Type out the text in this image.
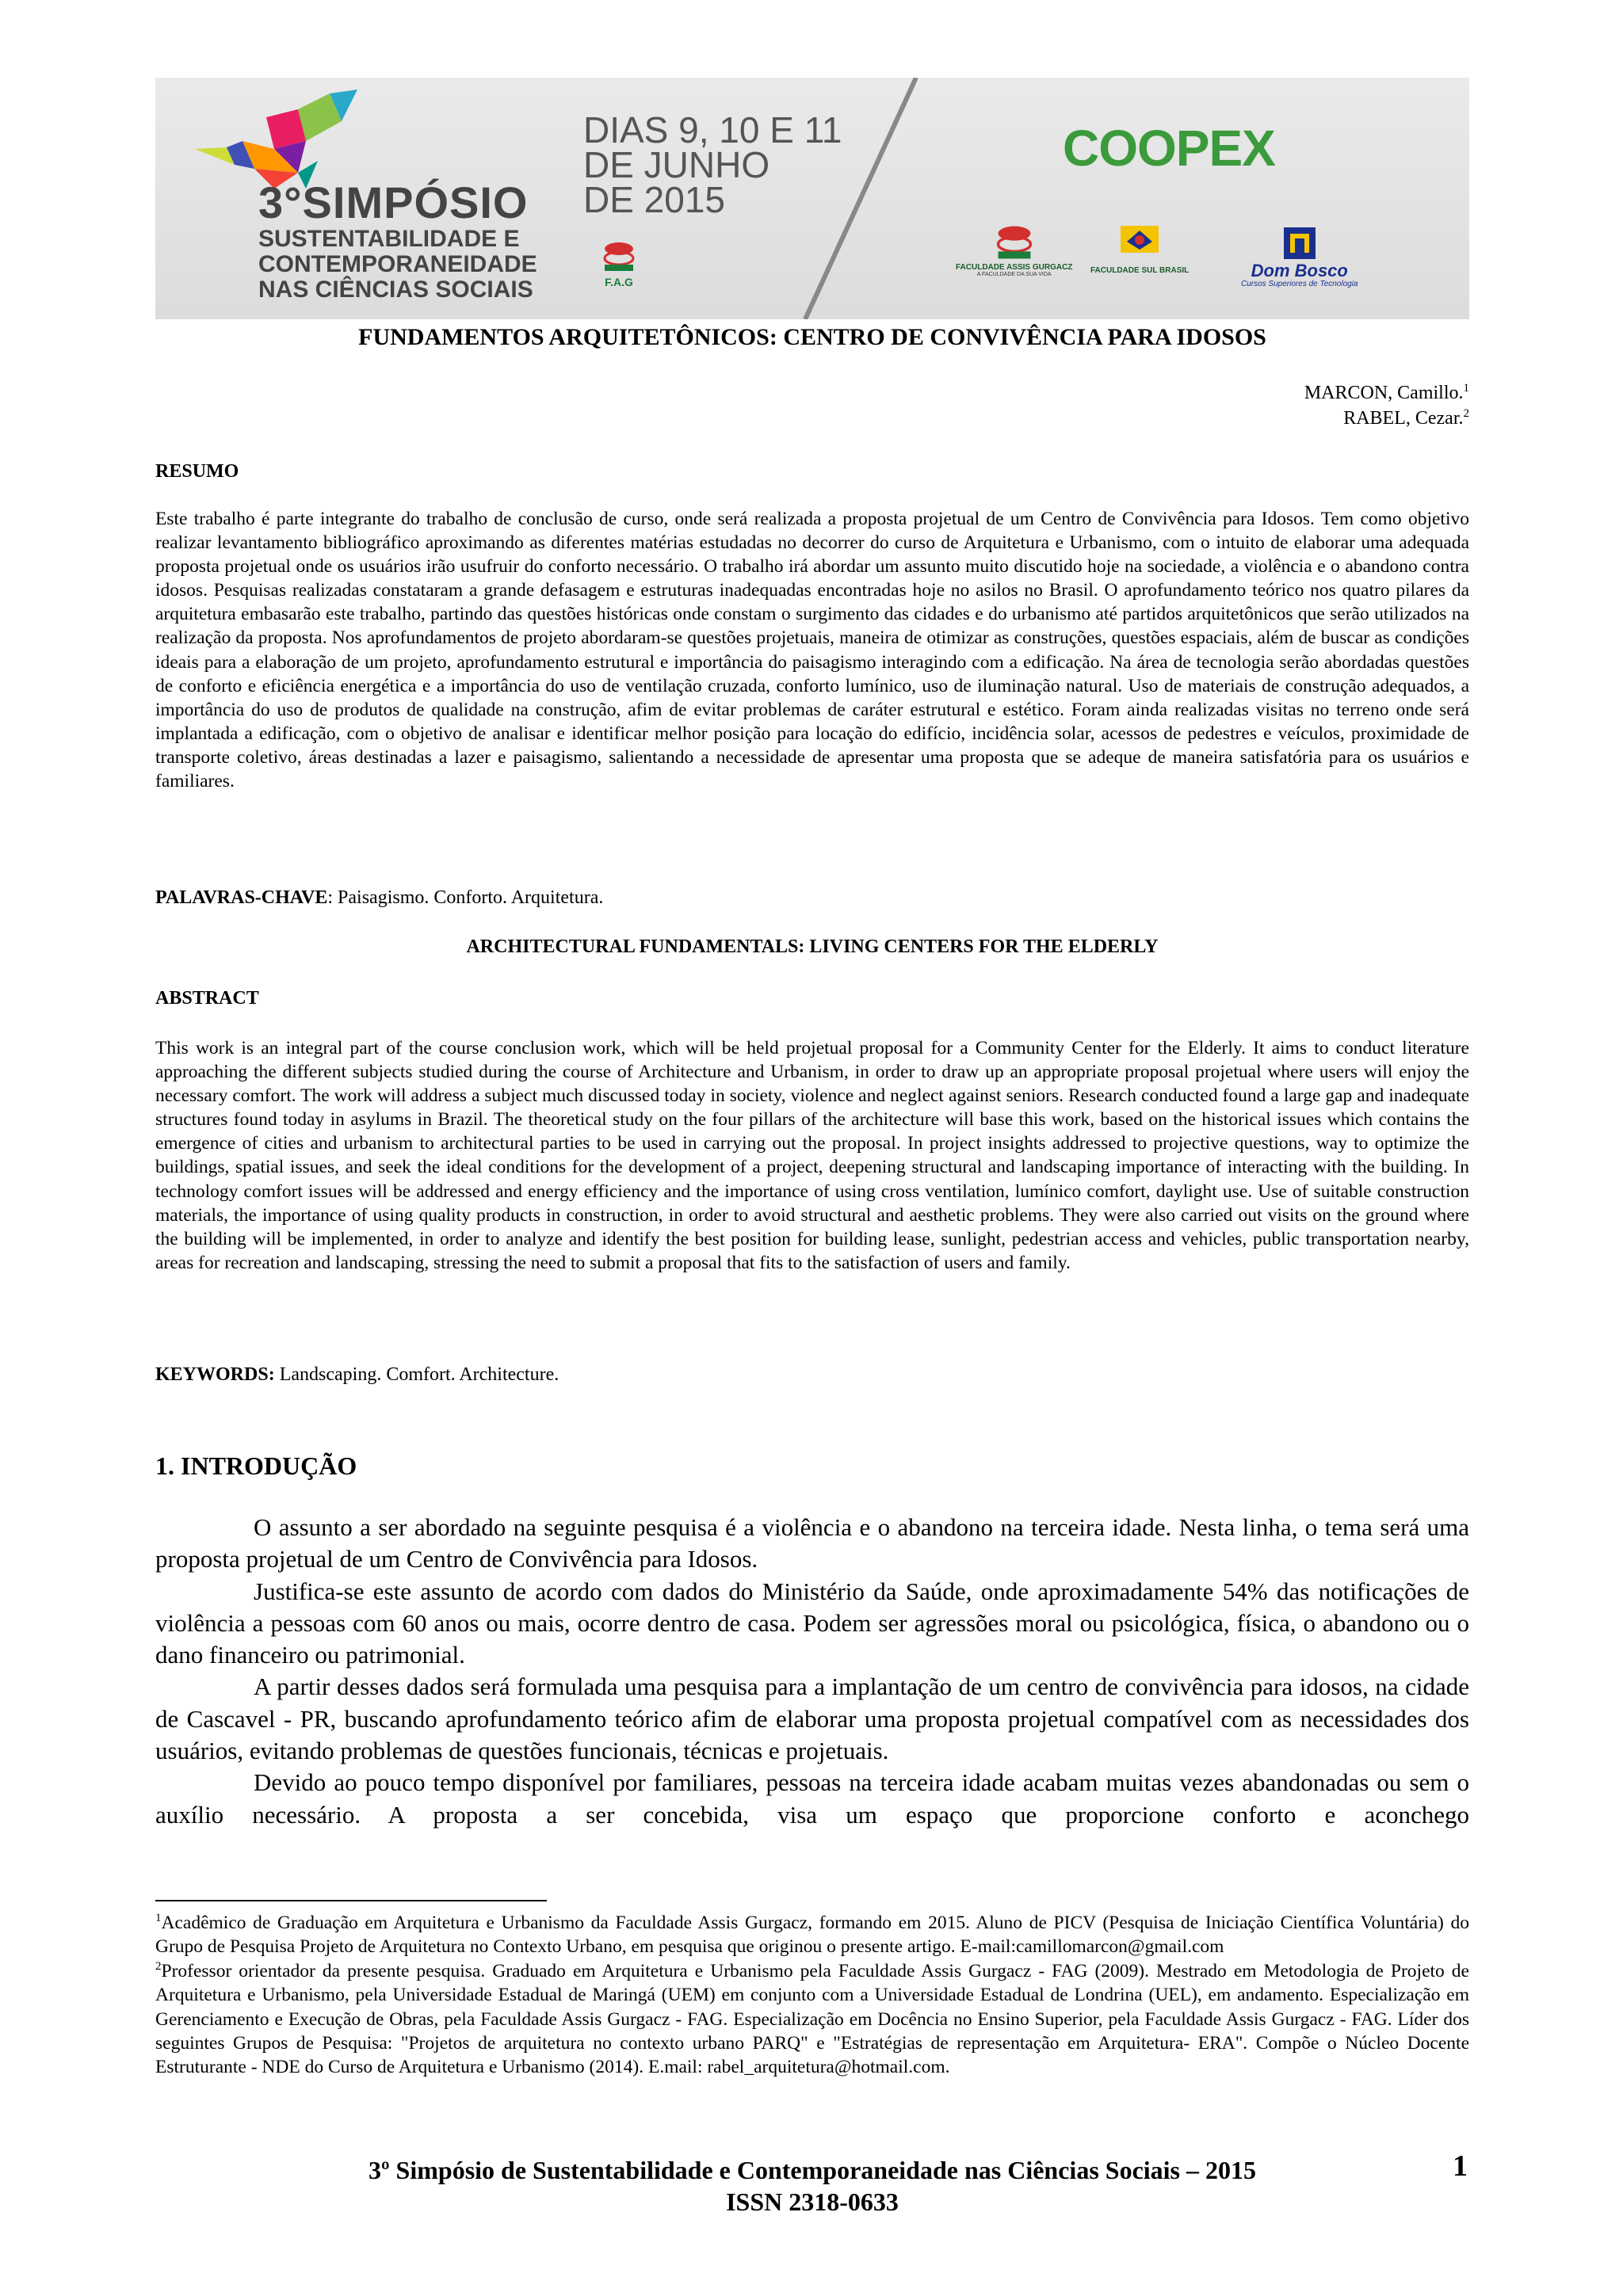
3°SIMPÓSIO
SUSTENTABILIDADE E
CONTEMPORANEIDADE
NAS CIÊNCIAS SOCIAIS
DIAS 9, 10 E 11
DE JUNHO
DE 2015
F.A.G
COOPEX
FACULDADE ASSIS GURGACZ
A FACULDADE DA SUA VIDA	FACULDADE SUL BRASIL	Dom Bosco
Cursos Superiores de Tecnologia
FUNDAMENTOS ARQUITETÔNICOS: CENTRO DE CONVIVÊNCIA PARA IDOSOS
MARCON, Camillo.$^1$
RABEL, Cezar.$^2$
RESUMO
Este trabalho é parte integrante do trabalho de conclusão de curso, onde será realizada a proposta projetual de um Centro de Convivência para Idosos. Tem como objetivo realizar levantamento bibliográfico aproximando as diferentes matérias estudadas no decorrer do curso de Arquitetura e Urbanismo, com o intuito de elaborar uma adequada proposta projetual onde os usuários irão usufruir do conforto necessário. O trabalho irá abordar um assunto muito discutido hoje na sociedade, a violência e o abandono contra idosos. Pesquisas realizadas constataram a grande defasagem e estruturas inadequadas encontradas hoje no asilos no Brasil. O aprofundamento teórico nos quatro pilares da arquitetura embasarão este trabalho, partindo das questões históricas onde constam o surgimento das cidades e do urbanismo até partidos arquitetônicos que serão utilizados na realização da proposta. Nos aprofundamentos de projeto abordaram-se questões projetuais, maneira de otimizar as construções, questões espaciais, além de buscar as condições ideais para a elaboração de um projeto, aprofundamento estrutural e importância do paisagismo interagindo com a edificação. Na área de tecnologia serão abordadas questões de conforto e eficiência energética e a importância do uso de ventilação cruzada, conforto lumínico, uso de iluminação natural. Uso de materiais de construção adequados, a importância do uso de produtos de qualidade na construção, afim de evitar problemas de caráter estrutural e estético. Foram ainda realizadas visitas no terreno onde será implantada a edificação, com o objetivo de analisar e identificar melhor posição para locação do edifício, incidência solar, acessos de pedestres e veículos, proximidade de transporte coletivo, áreas destinadas a lazer e paisagismo, salientando a necessidade de apresentar uma proposta que se adeque de maneira satisfatória para os usuários e familiares.
PALAVRAS-CHAVE: Paisagismo. Conforto. Arquitetura.
ARCHITECTURAL FUNDAMENTALS: LIVING CENTERS FOR THE ELDERLY
ABSTRACT
This work is an integral part of the course conclusion work, which will be held projetual proposal for a Community Center for the Elderly. It aims to conduct literature approaching the different subjects studied during the course of Architecture and Urbanism, in order to draw up an appropriate proposal projetual where users will enjoy the necessary comfort. The work will address a subject much discussed today in society, violence and neglect against seniors. Research conducted found a large gap and inadequate structures found today in asylums in Brazil. The theoretical study on the four pillars of the architecture will base this work, based on the historical issues which contains the emergence of cities and urbanism to architectural parties to be used in carrying out the proposal. In project insights addressed to projective questions, way to optimize the buildings, spatial issues, and seek the ideal conditions for the development of a project, deepening structural and landscaping importance of interacting with the building. In technology comfort issues will be addressed and energy efficiency and the importance of using cross ventilation, lumínico comfort, daylight use. Use of suitable construction materials, the importance of using quality products in construction, in order to avoid structural and aesthetic problems. They were also carried out visits on the ground where the building will be implemented, in order to analyze and identify the best position for building lease, sunlight, pedestrian access and vehicles, public transportation nearby, areas for recreation and landscaping, stressing the need to submit a proposal that fits to the satisfaction of users and family.
KEYWORDS: Landscaping. Comfort. Architecture.
1. INTRODUÇÃO

O assunto a ser abordado na seguinte pesquisa é a violência e o abandono na terceira idade. Nesta linha, o tema será uma proposta projetual de um Centro de Convivência para Idosos.

Justifica-se este assunto de acordo com dados do Ministério da Saúde, onde aproximadamente 54% das notificações de violência a pessoas com 60 anos ou mais, ocorre dentro de casa. Podem ser agressões moral ou psicológica, física, o abandono ou o dano financeiro ou patrimonial.

A partir desses dados será formulada uma pesquisa para a implantação de um centro de convivência para idosos, na cidade de Cascavel - PR, buscando aprofundamento teórico afim de elaborar uma proposta projetual compatível com as necessidades dos usuários, evitando problemas de questões funcionais, técnicas e projetuais.

Devido ao pouco tempo disponível por familiares, pessoas na terceira idade acabam muitas vezes abandonadas ou sem o auxílio necessário. A proposta a ser concebida, visa um espaço que proporcione conforto e aconchego

$^1$Acadêmico de Graduação em Arquitetura e Urbanismo da Faculdade Assis Gurgacz, formando em 2015. Aluno de PICV (Pesquisa de Iniciação Científica Voluntária) do Grupo de Pesquisa Projeto de Arquitetura no Contexto Urbano, em pesquisa que originou o presente artigo. E-mail:camillomarcon@gmail.com

$^2$Professor orientador da presente pesquisa. Graduado em Arquitetura e Urbanismo pela Faculdade Assis Gurgacz - FAG (2009). Mestrado em Metodologia de Projeto de Arquitetura e Urbanismo, pela Universidade Estadual de Maringá (UEM) em conjunto com a Universidade Estadual de Londrina (UEL), em andamento. Especialização em Gerenciamento e Execução de Obras, pela Faculdade Assis Gurgacz - FAG. Especialização em Docência no Ensino Superior, pela Faculdade Assis Gurgacz - FAG. Líder dos seguintes Grupos de Pesquisa: "Projetos de arquitetura no contexto urbano PARQ" e "Estratégias de representação em Arquitetura- ERA". Compõe o Núcleo Docente Estruturante - NDE do Curso de Arquitetura e Urbanismo (2014). E.mail: rabel_arquitetura@hotmail.com.

3º Simpósio de Sustentabilidade e Contemporaneidade nas Ciências Sociais – 2015
ISSN 2318-0633
1
